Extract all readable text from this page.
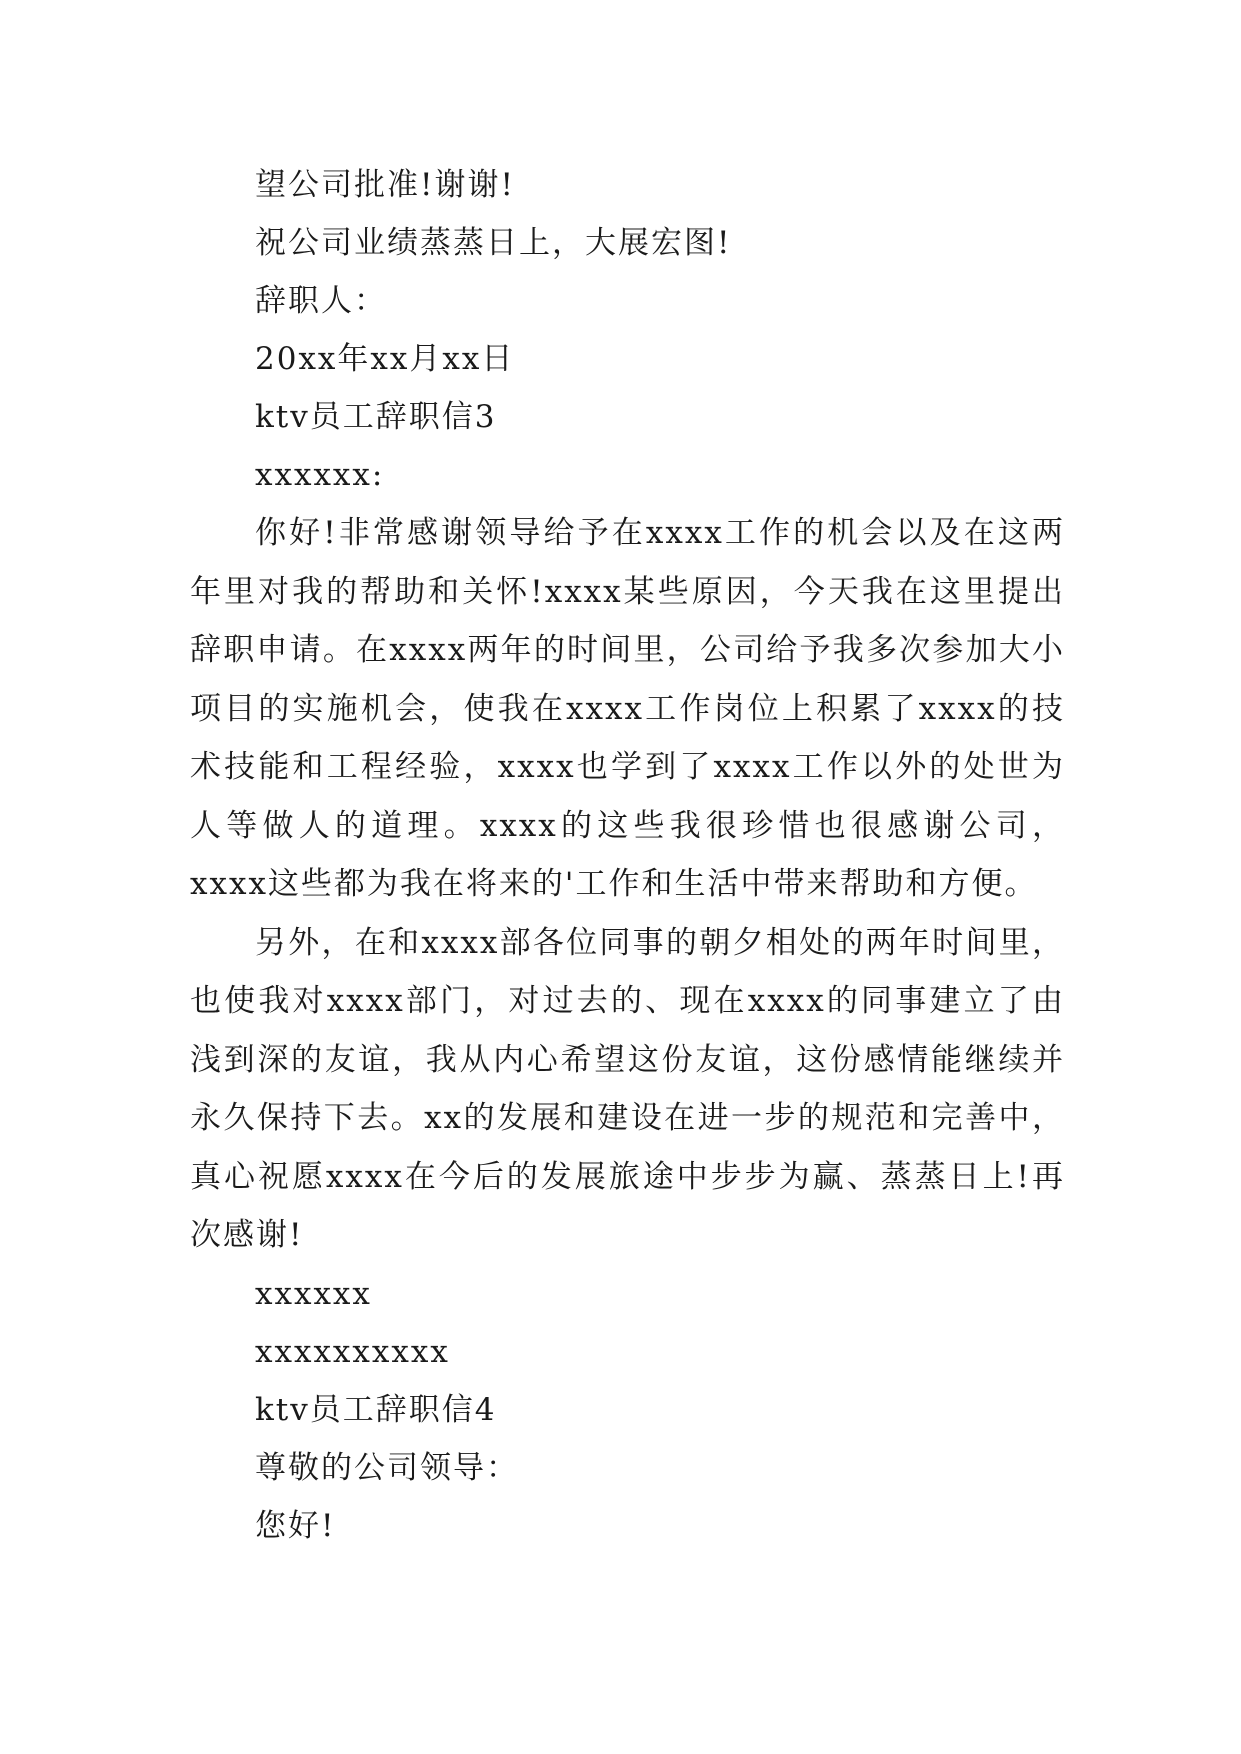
望公司批准!谢谢!

祝公司业绩蒸蒸日上，大展宏图!

辞职人：

20xx年xx月xx日

ktv员工辞职信3

xxxxxx:

你好!非常感谢领导给予在xxxx工作的机会以及在这两年里对我的帮助和关怀!xxxx某些原因，今天我在这里提出辞职申请。在xxxx两年的时间里，公司给予我多次参加大小项目的实施机会，使我在xxxx工作岗位上积累了xxxx的技术技能和工程经验，xxxx也学到了xxxx工作以外的处世为人等做人的道理。xxxx的这些我很珍惜也很感谢公司，xxxx这些都为我在将来的'工作和生活中带来帮助和方便。

另外，在和xxxx部各位同事的朝夕相处的两年时间里，也使我对xxxx部门，对过去的、现在xxxx的同事建立了由浅到深的友谊，我从内心希望这份友谊，这份感情能继续并永久保持下去。xx的发展和建设在进一步的规范和完善中，真心祝愿xxxx在今后的发展旅途中步步为赢、蒸蒸日上!再次感谢!

xxxxxx

xxxxxxxxxx

ktv员工辞职信4

尊敬的公司领导：

您好!
